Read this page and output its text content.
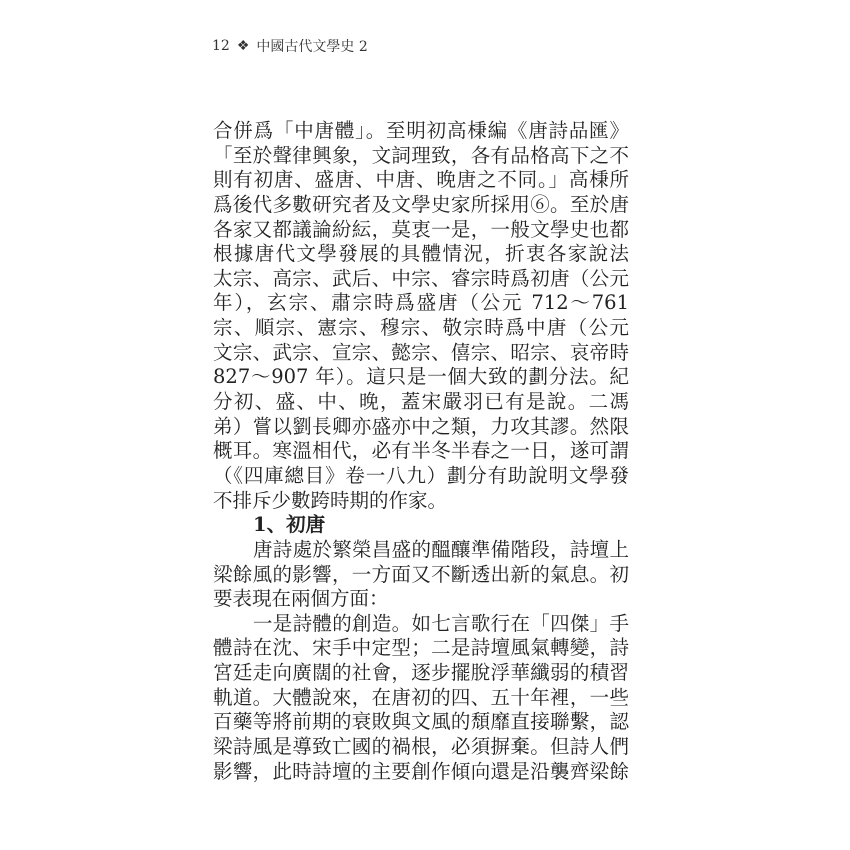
12 ❖ 中國古代文學史 2
合併爲「中唐體」。至明初高棅編《唐詩品匯》
「至於聲律興象，文詞理致，各有品格高下之不
則有初唐、盛唐、中唐、晚唐之不同。」高棅所
爲後代多數研究者及文學史家所採用⑥。至於唐
各家又都議論紛紜，莫衷一是，一般文學史也都
根據唐代文學發展的具體情況，折衷各家說法
太宗、高宗、武后、中宗、睿宗時爲初唐（公元
年），玄宗、肅宗時爲盛唐（公元 712～761
宗、順宗、憲宗、穆宗、敬宗時爲中唐（公元
文宗、武宗、宣宗、懿宗、僖宗、昭宗、哀帝時
827～907 年）。這只是一個大致的劃分法。紀
分初、盛、中、晚，蓋宋嚴羽已有是說。二馮
弟）嘗以劉長卿亦盛亦中之類，力攻其謬。然限
概耳。寒溫相代，必有半冬半春之一日，遂可謂
（《四庫總目》卷一八九）劃分有助說明文學發
不排斥少數跨時期的作家。
1、初唐
唐詩處於繁榮昌盛的醞釀準備階段，詩壇上
梁餘風的影響，一方面又不斷透出新的氣息。初
要表現在兩個方面：
一是詩體的創造。如七言歌行在「四傑」手
體詩在沈、宋手中定型；二是詩壇風氣轉變，詩
宮廷走向廣闊的社會，逐步擺脫浮華纖弱的積習
軌道。大體說來，在唐初的四、五十年裡，一些
百藥等將前期的衰敗與文風的頹靡直接聯繫，認
梁詩風是導致亡國的禍根，必須摒棄。但詩人們
影響，此時詩壇的主要創作傾向還是沿襲齊梁餘
